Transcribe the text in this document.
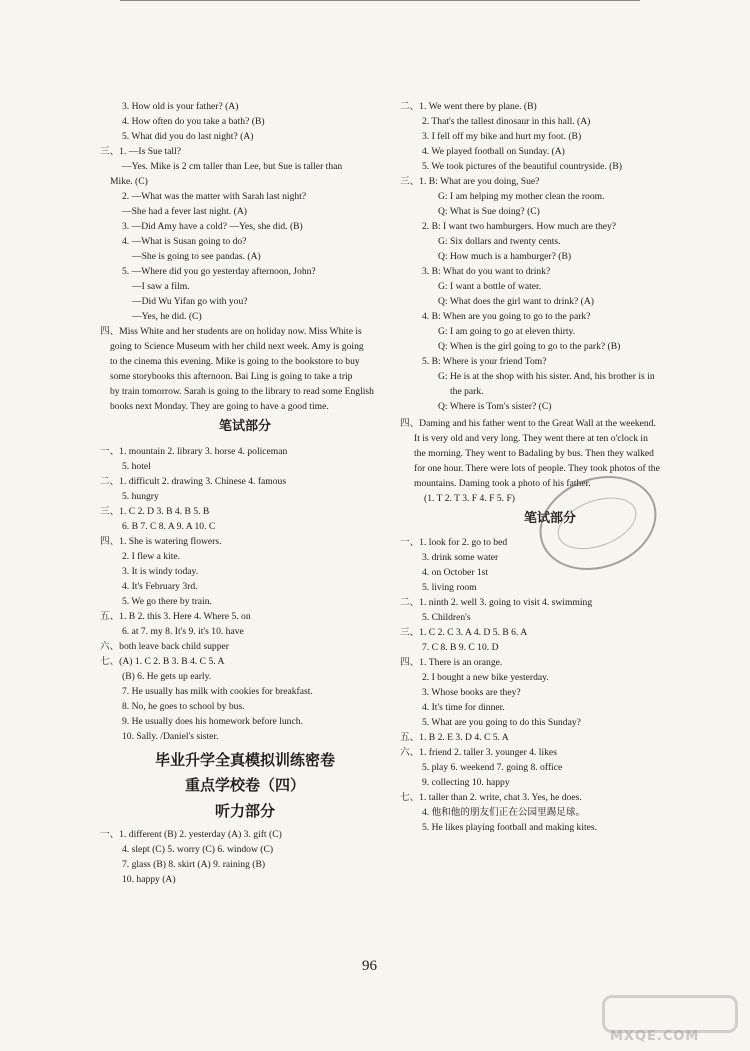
3. How old is your father? (A)
4. How often do you take a bath? (B)
5. What did you do last night? (A)
三、1. —Is Sue tall?
—Yes. Mike is 2 cm taller than Lee, but Sue is taller than
Mike. (C)
2. —What was the matter with Sarah last night?
—She had a fever last night. (A)
3. —Did Amy have a cold? —Yes, she did. (B)
4. —What is Susan going to do?
—She is going to see pandas. (A)
5. —Where did you go yesterday afternoon, John?
—I saw a film.
—Did Wu Yifan go with you?
—Yes, he did. (C)
四、Miss White and her students are on holiday now. Miss White is
going to Science Museum with her child next week. Amy is going
to the cinema this evening. Mike is going to the bookstore to buy
some storybooks this afternoon. Bai Ling is going to take a trip
by train tomorrow. Sarah is going to the library to read some English
books next Monday. They are going to have a good time.
笔试部分
一、1. mountain 2. library 3. horse 4. policeman
5. hotel
二、1. difficult 2. drawing 3. Chinese 4. famous
5. hungry
三、1. C 2. D 3. B 4. B 5. B
6. B 7. C 8. A 9. A 10. C
四、1. She is watering flowers.
2. I flew a kite.
3. It is windy today.
4. It's February 3rd.
5. We go there by train.
五、1. B 2. this 3. Here 4. Where 5. on
6. at 7. my 8. It's 9. it's 10. have
六、both leave back child supper
七、(A) 1. C 2. B 3. B 4. C 5. A
(B) 6. He gets up early.
7. He usually has milk with cookies for breakfast.
8. No, he goes to school by bus.
9. He usually does his homework before lunch.
10. Sally. /Daniel's sister.
毕业升学全真模拟训练密卷
重点学校卷（四）
听力部分
一、1. different (B) 2. yesterday (A) 3. gift (C)
4. slept (C) 5. worry (C) 6. window (C)
7. glass (B) 8. skirt (A) 9. raining (B)
10. happy (A)
二、1. We went there by plane. (B)
2. That's the tallest dinosaur in this hall. (A)
3. I fell off my bike and hurt my foot. (B)
4. We played football on Sunday. (A)
5. We took pictures of the beautiful countryside. (B)
三、1. B: What are you doing, Sue?
G: I am helping my mother clean the room.
Q: What is Sue doing? (C)
2. B: I want two hamburgers. How much are they?
G: Six dollars and twenty cents.
Q: How much is a hamburger? (B)
3. B: What do you want to drink?
G: I want a bottle of water.
Q: What does the girl want to drink? (A)
4. B: When are you going to go to the park?
G: I am going to go at eleven thirty.
Q: When is the girl going to go to the park? (B)
5. B: Where is your friend Tom?
G: He is at the shop with his sister. And, his brother is in
the park.
Q: Where is Tom's sister? (C)
四、Daming and his father went to the Great Wall at the weekend.
It is very old and very long. They went there at ten o'clock in
the morning. They went to Badaling by bus. Then they walked
for one hour. There were lots of people. They took photos of the
mountains. Daming took a photo of his father.
(1. T 2. T 3. F 4. F 5. F)
笔试部分
一、1. look for 2. go to bed
3. drink some water
4. on October 1st
5. living room
二、1. ninth 2. well 3. going to visit 4. swimming
5. Children's
三、1. C 2. C 3. A 4. D 5. B 6. A
7. C 8. B 9. C 10. D
四、1. There is an orange.
2. I bought a new bike yesterday.
3. Whose books are they?
4. It's time for dinner.
5. What are you going to do this Sunday?
五、1. B 2. E 3. D 4. C 5. A
六、1. friend 2. taller 3. younger 4. likes
5. play 6. weekend 7. going 8. office
9. collecting 10. happy
七、1. taller than 2. write, chat 3. Yes, he does.
4. 他和他的朋友们正在公园里踢足球。
5. He likes playing football and making kites.
96
MXQE.COM
